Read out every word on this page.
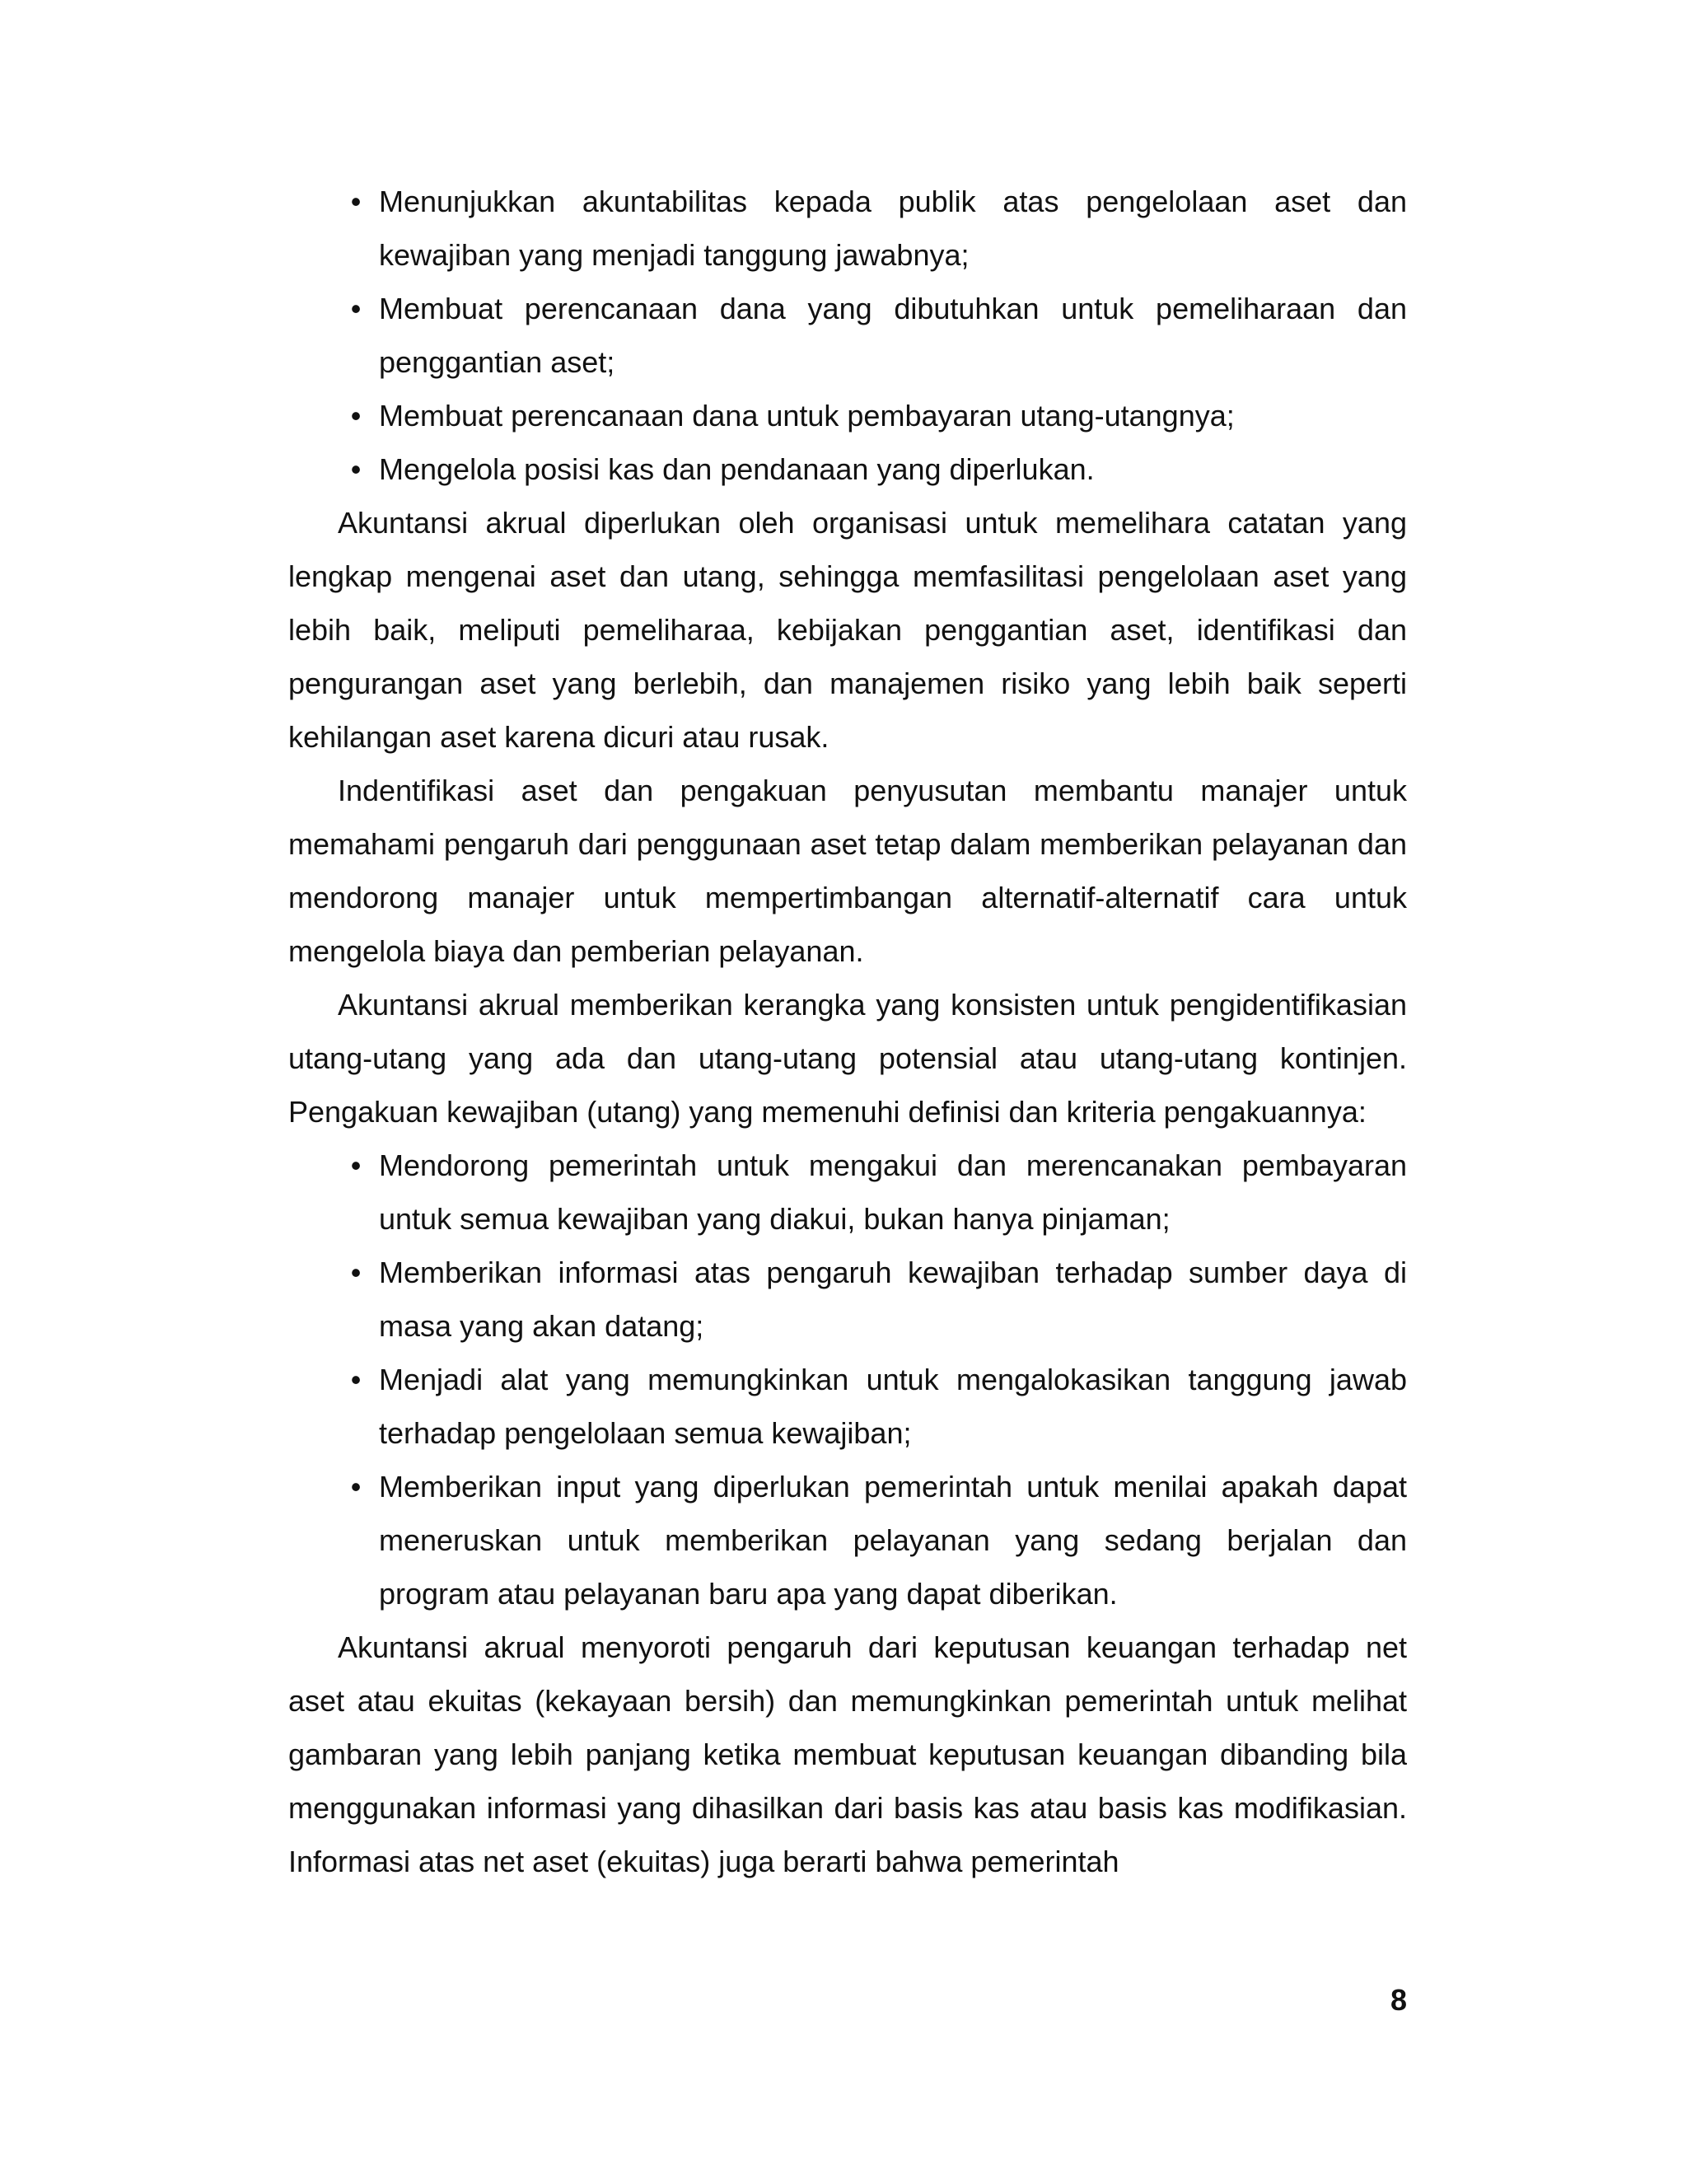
• Menunjukkan akuntabilitas kepada publik atas pengelolaan aset dan kewajiban yang menjadi tanggung jawabnya;
• Membuat perencanaan dana yang dibutuhkan untuk pemeliharaan dan penggantian aset;
• Membuat perencanaan dana untuk pembayaran utang-utangnya;
• Mengelola posisi kas dan pendanaan yang diperlukan.

Akuntansi akrual diperlukan oleh organisasi untuk memelihara catatan yang lengkap mengenai aset dan utang, sehingga memfasilitasi pengelolaan aset yang lebih baik, meliputi pemeliharaa, kebijakan penggantian aset, identifikasi dan pengurangan aset yang berlebih, dan manajemen risiko yang lebih baik seperti kehilangan aset karena dicuri atau rusak.

Indentifikasi aset dan pengakuan penyusutan membantu manajer untuk memahami pengaruh dari penggunaan aset tetap dalam memberikan pelayanan dan mendorong manajer untuk mempertimbangan alternatif-alternatif cara untuk mengelola biaya dan pemberian pelayanan.

Akuntansi akrual memberikan kerangka yang konsisten untuk pengidentifikasian utang-utang yang ada dan utang-utang potensial atau utang-utang kontinjen. Pengakuan kewajiban (utang) yang memenuhi definisi dan kriteria pengakuannya:

• Mendorong pemerintah untuk mengakui dan merencanakan pembayaran untuk semua kewajiban yang diakui, bukan hanya pinjaman;
• Memberikan informasi atas pengaruh kewajiban terhadap sumber daya di masa yang akan datang;
• Menjadi alat yang memungkinkan untuk mengalokasikan tanggung jawab terhadap pengelolaan semua kewajiban;
• Memberikan input yang diperlukan pemerintah untuk menilai apakah dapat meneruskan untuk memberikan pelayanan yang sedang berjalan dan program atau pelayanan baru apa yang dapat diberikan.

Akuntansi akrual menyoroti pengaruh dari keputusan keuangan terhadap net aset atau ekuitas (kekayaan bersih) dan memungkinkan pemerintah untuk melihat gambaran yang lebih panjang ketika membuat keputusan keuangan dibanding bila menggunakan informasi yang dihasilkan dari basis kas atau basis kas modifikasian. Informasi atas net aset (ekuitas) juga berarti bahwa pemerintah

8
